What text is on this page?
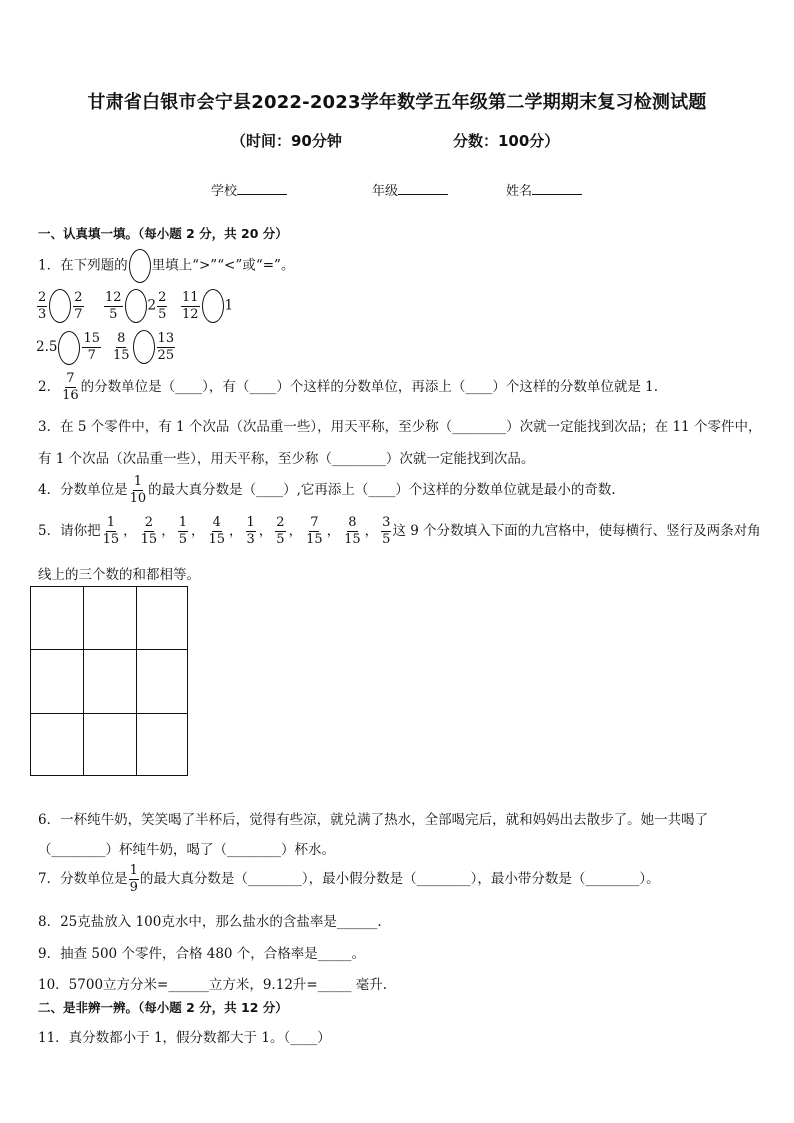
甘肃省白银市会宁县2022-2023学年数学五年级第二学期期末复习检测试题
（时间：90分钟	分数：100分）
学校	年级	姓名
一、认真填一填。（每小题 2 分，共 20 分）
1．在下列题的 里填上“>”“<”或“=”。
$\frac{2}{3} \frac{2}{7} \frac{12}{5} 2 \frac{2}{5} \frac{11}{12} 1$
$2.5 \frac{15}{7} \frac{8}{15} \frac{13}{25}$
2． $\frac{7}{16}$ 的分数单位是（____），有（____）个这样的分数单位，再添上（____）个这样的分数单位就是 1.
3．在 5 个零件中，有 1 个次品（次品重一些），用天平称，至少称（________）次就一定能找到次品；在 11 个零件中，
有 1 个次品（次品重一些），用天平称，至少称（________）次就一定能找到次品。
4．分数单位是 $\frac{1}{10}$ 的最大真分数是（____）,它再添上（____）个这样的分数单位就是最小的奇数.
5．请你把 $\frac{1}{15}$ ， $\frac{2}{15}$ ， $\frac{1}{5}$ ， $\frac{4}{15}$ ， $\frac{1}{3}$ ， $\frac{2}{5}$ ， $\frac{7}{15}$ ， $\frac{8}{15}$ ， $\frac{3}{5}$ 这 9 个分数填入下面的九宫格中，使每横行、竖行及两条对角
线上的三个数的和都相等。
6．一杯纯牛奶，笑笑喝了半杯后，觉得有些凉，就兑满了热水，全部喝完后，就和妈妈出去散步了。她一共喝了
（________）杯纯牛奶，喝了（________）杯水。
7．分数单位是 $\frac{1}{9}$ 的最大真分数是（________），最小假分数是（________），最小带分数是（________）。
8．25克盐放入 100克水中，那么盐水的含盐率是______.
9．抽查 500 个零件，合格 480 个，合格率是_____。
10．5700立方分米=______立方米，9.12升=_____ 毫升.
二、是非辨一辨。（每小题 2 分，共 12 分）
11．真分数都小于 1，假分数都大于 1。（____）
